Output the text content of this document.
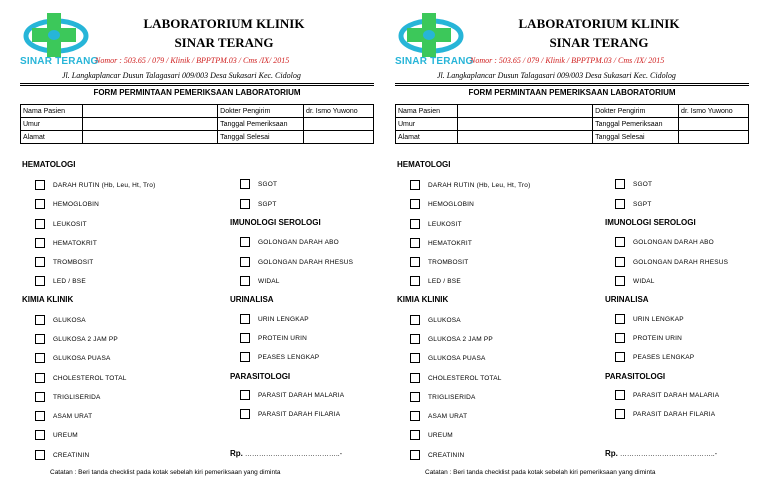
SINAR TERANG
LABORATORIUM KLINIK
SINAR TERANG
Nomor : 503.65 / 079 / Klinik / BPPTPM.03 / Cms /IX/ 2015
Jl. Langkaplancar Dusun Talagasari 009/003 Desa Sukasari Kec. Cidolog
FORM PERMINTAAN PEMERIKSAAN LABORATORIUM
Nama Pasien		Dokter Pengirim	dr. Ismo Yuwono
Umur		Tanggal Pemeriksaan	
Alamat		Tanggal Selesai	
HEMATOLOGI
DARAH RUTIN (Hb, Leu, Ht, Tro)
HEMOGLOBIN
LEUKOSIT
HEMATOKRIT
TROMBOSIT
LED / BSE
KIMIA KLINIK
GLUKOSA
GLUKOSA 2 JAM PP
GLUKOSA PUASA
CHOLESTEROL TOTAL
TRIGLISERIDA
ASAM URAT
UREUM
CREATININ
SGOT
SGPT
IMUNOLOGI SEROLOGI
GOLONGAN DARAH ABO
GOLONGAN DARAH RHESUS
WIDAL
URINALISA
URIN LENGKAP
PROTEIN URIN
PEASES LENGKAP
PARASITOLOGI
PARASIT DARAH MALARIA
PARASIT DARAH FILARIA
Rp. …………………………………..-
Catatan : Beri tanda checklist pada kotak sebelah kiri pemeriksaan yang diminta
SINAR TERANG
LABORATORIUM KLINIK
SINAR TERANG
Nomor : 503.65 / 079 / Klinik / BPPTPM.03 / Cms /IX/ 2015
Jl. Langkaplancar Dusun Talagasari 009/003 Desa Sukasari Kec. Cidolog
FORM PERMINTAAN PEMERIKSAAN LABORATORIUM
Nama Pasien		Dokter Pengirim	dr. Ismo Yuwono
Umur		Tanggal Pemeriksaan	
Alamat		Tanggal Selesai	
HEMATOLOGI
DARAH RUTIN (Hb, Leu, Ht, Tro)
HEMOGLOBIN
LEUKOSIT
HEMATOKRIT
TROMBOSIT
LED / BSE
KIMIA KLINIK
GLUKOSA
GLUKOSA 2 JAM PP
GLUKOSA PUASA
CHOLESTEROL TOTAL
TRIGLISERIDA
ASAM URAT
UREUM
CREATININ
SGOT
SGPT
IMUNOLOGI SEROLOGI
GOLONGAN DARAH ABO
GOLONGAN DARAH RHESUS
WIDAL
URINALISA
URIN LENGKAP
PROTEIN URIN
PEASES LENGKAP
PARASITOLOGI
PARASIT DARAH MALARIA
PARASIT DARAH FILARIA
Rp. …………………………………..-
Catatan : Beri tanda checklist pada kotak sebelah kiri pemeriksaan yang diminta
